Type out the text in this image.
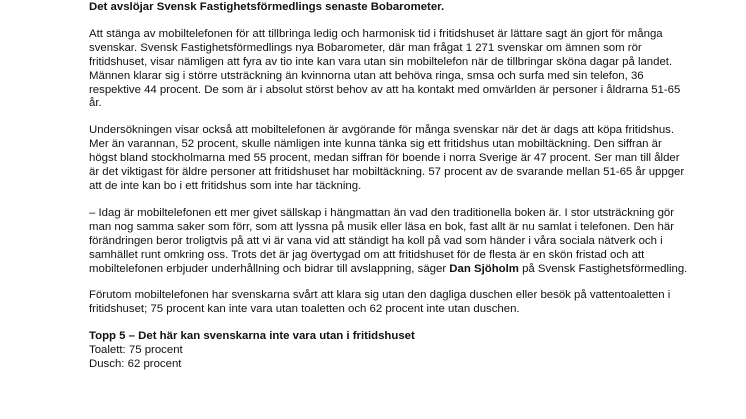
Det avslöjar Svensk Fastighetsförmedlings senaste Bobarometer.

Att stänga av mobiltelefonen för att tillbringa ledig och harmonisk tid i fritidshuset är lättare sagt än gjort för många svenskar. Svensk Fastighetsförmedlings nya Bobarometer, där man frågat 1 271 svenskar om ämnen som rör fritidshuset, visar nämligen att fyra av tio inte kan vara utan sin mobiltelefon när de tillbringar sköna dagar på landet. Männen klarar sig i större utsträckning än kvinnorna utan att behöva ringa, smsa och surfa med sin telefon, 36 respektive 44 procent. De som är i absolut störst behov av att ha kontakt med omvärlden är personer i åldrarna 51-65 år.

Undersökningen visar också att mobiltelefonen är avgörande för många svenskar när det är dags att köpa fritidshus. Mer än varannan, 52 procent, skulle nämligen inte kunna tänka sig ett fritidshus utan mobiltäckning. Den siffran är högst bland stockholmarna med 55 procent, medan siffran för boende i norra Sverige är 47 procent. Ser man till ålder är det viktigast för äldre personer att fritidshuset har mobiltäckning. 57 procent av de svarande mellan 51-65 år uppger att de inte kan bo i ett fritidshus som inte har täckning.

– Idag är mobiltelefonen ett mer givet sällskap i hängmattan än vad den traditionella boken är. I stor utsträckning gör man nog samma saker som förr, som att lyssna på musik eller läsa en bok, fast allt är nu samlat i telefonen. Den här förändringen beror troligtvis på att vi är vana vid att ständigt ha koll på vad som händer i våra sociala nätverk och i samhället runt omkring oss. Trots det är jag övertygad om att fritidshuset för de flesta är en skön fristad och att mobiltelefonen erbjuder underhållning och bidrar till avslappning, säger Dan Sjöholm på Svensk Fastighetsförmedling.

Förutom mobiltelefonen har svenskarna svårt att klara sig utan den dagliga duschen eller besök på vattentoaletten i fritidshuset; 75 procent kan inte vara utan toaletten och 62 procent inte utan duschen.

Topp 5 – Det här kan svenskarna inte vara utan i fritidshuset

Toalett: 75 procent

Dusch: 62 procent
